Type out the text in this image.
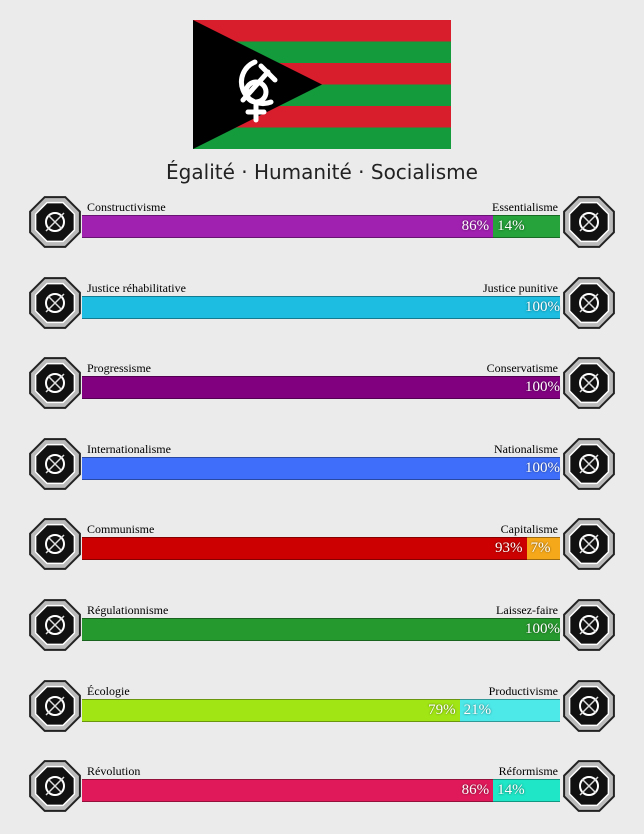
Égalité · Humanité · Socialisme
Constructivisme	Essentialisme
86% 14%
Justice réhabilitative	Justice punitive
100%
Progressisme	Conservatisme
100%
Internationalisme	Nationalisme
100%
Communisme	Capitalisme
93% 7%
Régulationnisme	Laissez-faire
100%
Écologie	Productivisme
79% 21%
Révolution	Réformisme
86% 14%
